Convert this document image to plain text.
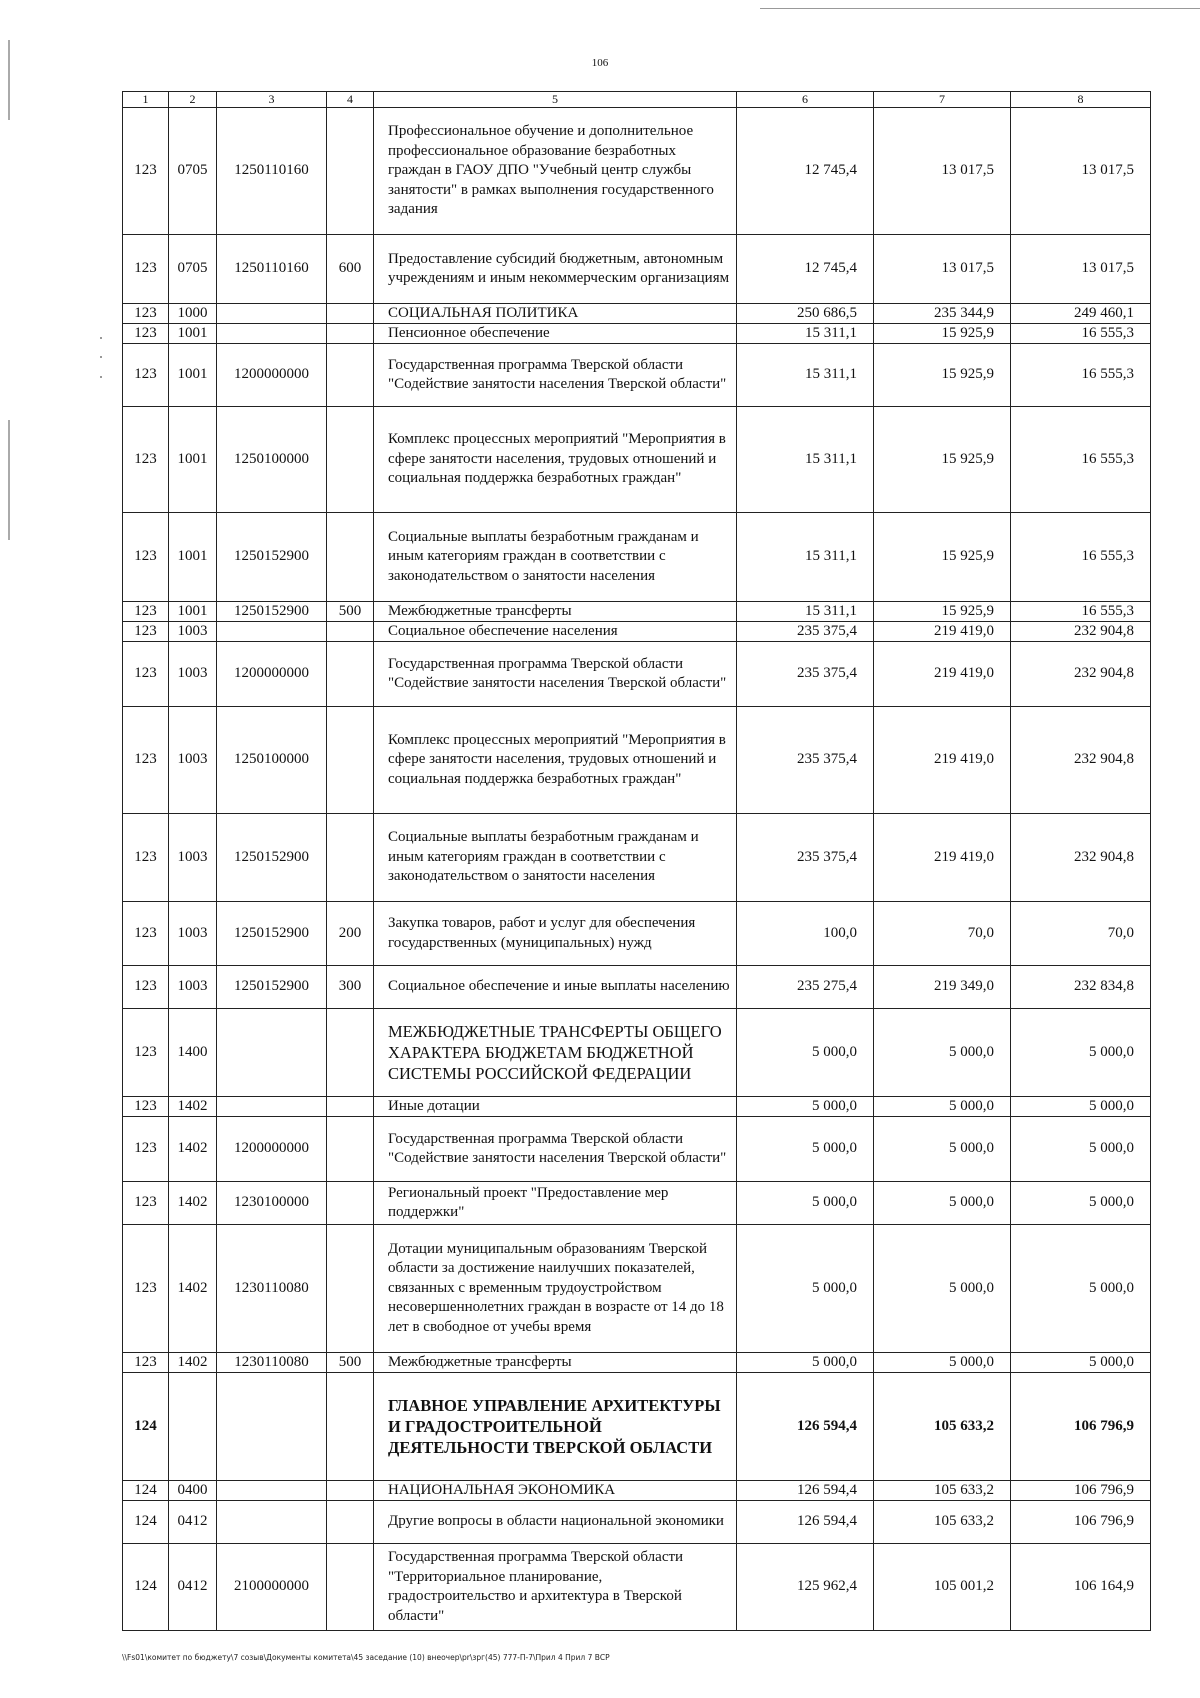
106
1	2	3	4	5	6	7	8
123	0705	1250110160		Профессиональное обучение и дополнительное профессиональное образование безработных граждан в ГАОУ ДПО "Учебный центр службы занятости" в рамках выполнения государственного задания	12 745,4	13 017,5	13 017,5
123	0705	1250110160	600	Предоставление субсидий бюджетным, автономным учреждениям и иным некоммерческим организациям	12 745,4	13 017,5	13 017,5
123	1000			СОЦИАЛЬНАЯ ПОЛИТИКА	250 686,5	235 344,9	249 460,1
123	1001			Пенсионное обеспечение	15 311,1	15 925,9	16 555,3
123	1001	1200000000		Государственная программа Тверской области "Содействие занятости населения Тверской области"	15 311,1	15 925,9	16 555,3
123	1001	1250100000		Комплекс процессных мероприятий "Мероприятия в сфере занятости населения, трудовых отношений и социальная поддержка безработных граждан"	15 311,1	15 925,9	16 555,3
123	1001	1250152900		Социальные выплаты безработным гражданам и иным категориям граждан в соответствии с законодательством о занятости населения	15 311,1	15 925,9	16 555,3
123	1001	1250152900	500	Межбюджетные трансферты	15 311,1	15 925,9	16 555,3
123	1003			Социальное обеспечение населения	235 375,4	219 419,0	232 904,8
123	1003	1200000000		Государственная программа Тверской области "Содействие занятости населения Тверской области"	235 375,4	219 419,0	232 904,8
123	1003	1250100000		Комплекс процессных мероприятий "Мероприятия в сфере занятости населения, трудовых отношений и социальная поддержка безработных граждан"	235 375,4	219 419,0	232 904,8
123	1003	1250152900		Социальные выплаты безработным гражданам и иным категориям граждан в соответствии с законодательством о занятости населения	235 375,4	219 419,0	232 904,8
123	1003	1250152900	200	Закупка товаров, работ и услуг для обеспечения государственных (муниципальных) нужд	100,0	70,0	70,0
123	1003	1250152900	300	Социальное обеспечение и иные выплаты населению	235 275,4	219 349,0	232 834,8
123	1400			МЕЖБЮДЖЕТНЫЕ ТРАНСФЕРТЫ ОБЩЕГО ХАРАКТЕРА БЮДЖЕТАМ БЮДЖЕТНОЙ СИСТЕМЫ РОССИЙСКОЙ ФЕДЕРАЦИИ	5 000,0	5 000,0	5 000,0
123	1402			Иные дотации	5 000,0	5 000,0	5 000,0
123	1402	1200000000		Государственная программа Тверской области "Содействие занятости населения Тверской области"	5 000,0	5 000,0	5 000,0
123	1402	1230100000		Региональный проект "Предоставление мер поддержки"	5 000,0	5 000,0	5 000,0
123	1402	1230110080		Дотации муниципальным образованиям Тверской области за достижение наилучших показателей, связанных с временным трудоустройством несовершеннолетних граждан в возрасте от 14 до 18 лет в свободное от учебы время	5 000,0	5 000,0	5 000,0
123	1402	1230110080	500	Межбюджетные трансферты	5 000,0	5 000,0	5 000,0
124				ГЛАВНОЕ УПРАВЛЕНИЕ АРХИТЕКТУРЫ И ГРАДОСТРОИТЕЛЬНОЙ ДЕЯТЕЛЬНОСТИ ТВЕРСКОЙ ОБЛАСТИ	126 594,4	105 633,2	106 796,9
124	0400			НАЦИОНАЛЬНАЯ ЭКОНОМИКА	126 594,4	105 633,2	106 796,9
124	0412			Другие вопросы в области национальной экономики	126 594,4	105 633,2	106 796,9
124	0412	2100000000		Государственная программа Тверской области "Территориальное планирование, градостроительство и архитектура в Тверской области"	125 962,4	105 001,2	106 164,9
\\Fs01\комитет по бюджету\7 созыв\Документы комитета\45 заседание (10) внеочер\pr\зрг(45) 777-П-7\Прил 4 Прил 7 ВСР
